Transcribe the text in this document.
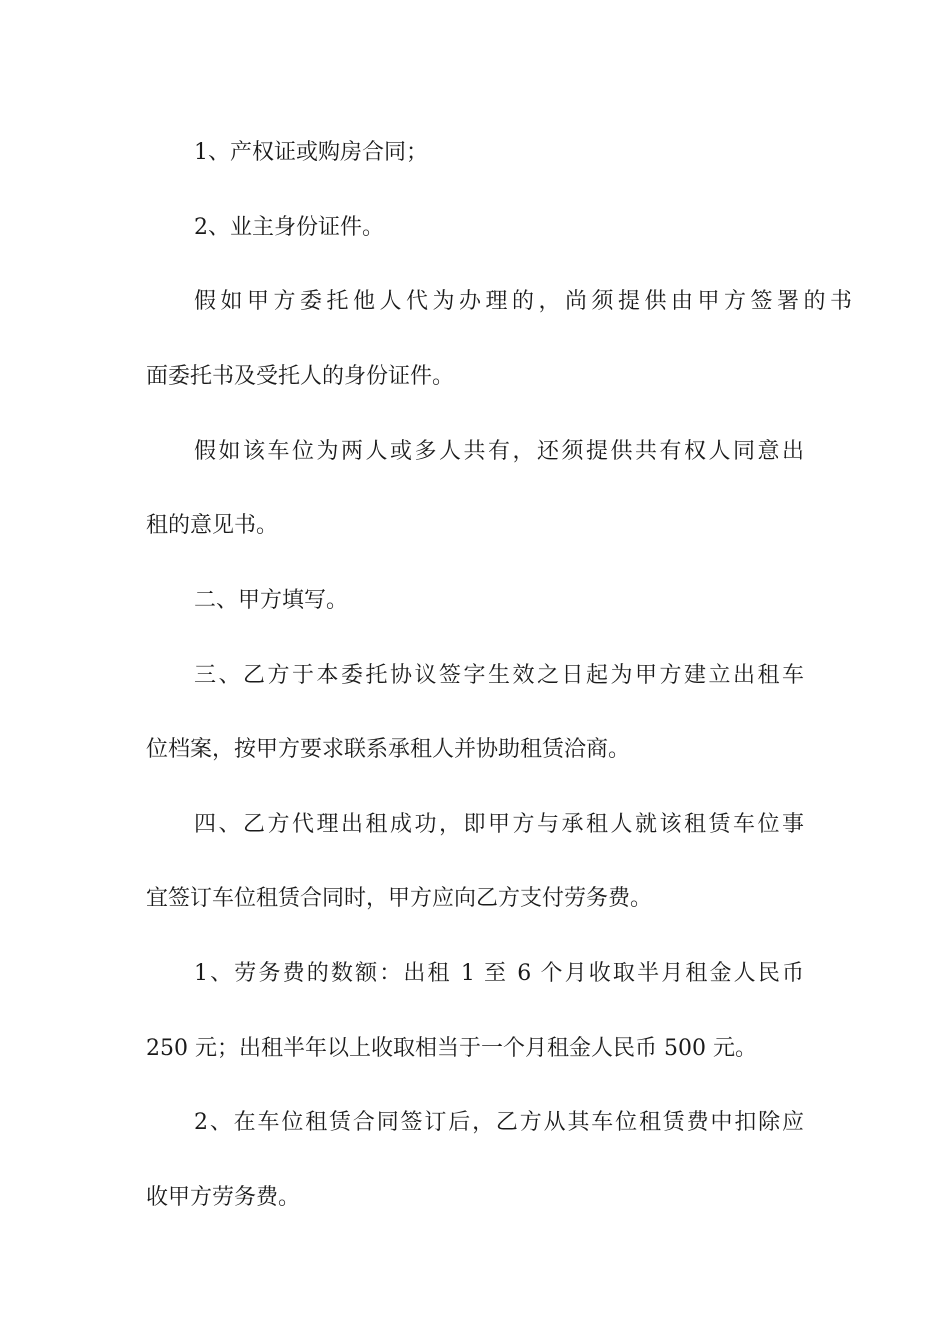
1、产权证或购房合同；
2、业主身份证件。
假如甲方委托他人代为办理的，尚须提供由甲方签署的书
面委托书及受托人的身份证件。
假如该车位为两人或多人共有，还须提供共有权人同意出
租的意见书。
二、甲方填写。
三、乙方于本委托协议签字生效之日起为甲方建立出租车
位档案，按甲方要求联系承租人并协助租赁洽商。
四、乙方代理出租成功，即甲方与承租人就该租赁车位事
宜签订车位租赁合同时，甲方应向乙方支付劳务费。
1、劳务费的数额：出租 1 至 6 个月收取半月租金人民币
250 元；出租半年以上收取相当于一个月租金人民币 500 元。
2、在车位租赁合同签订后，乙方从其车位租赁费中扣除应
收甲方劳务费。
